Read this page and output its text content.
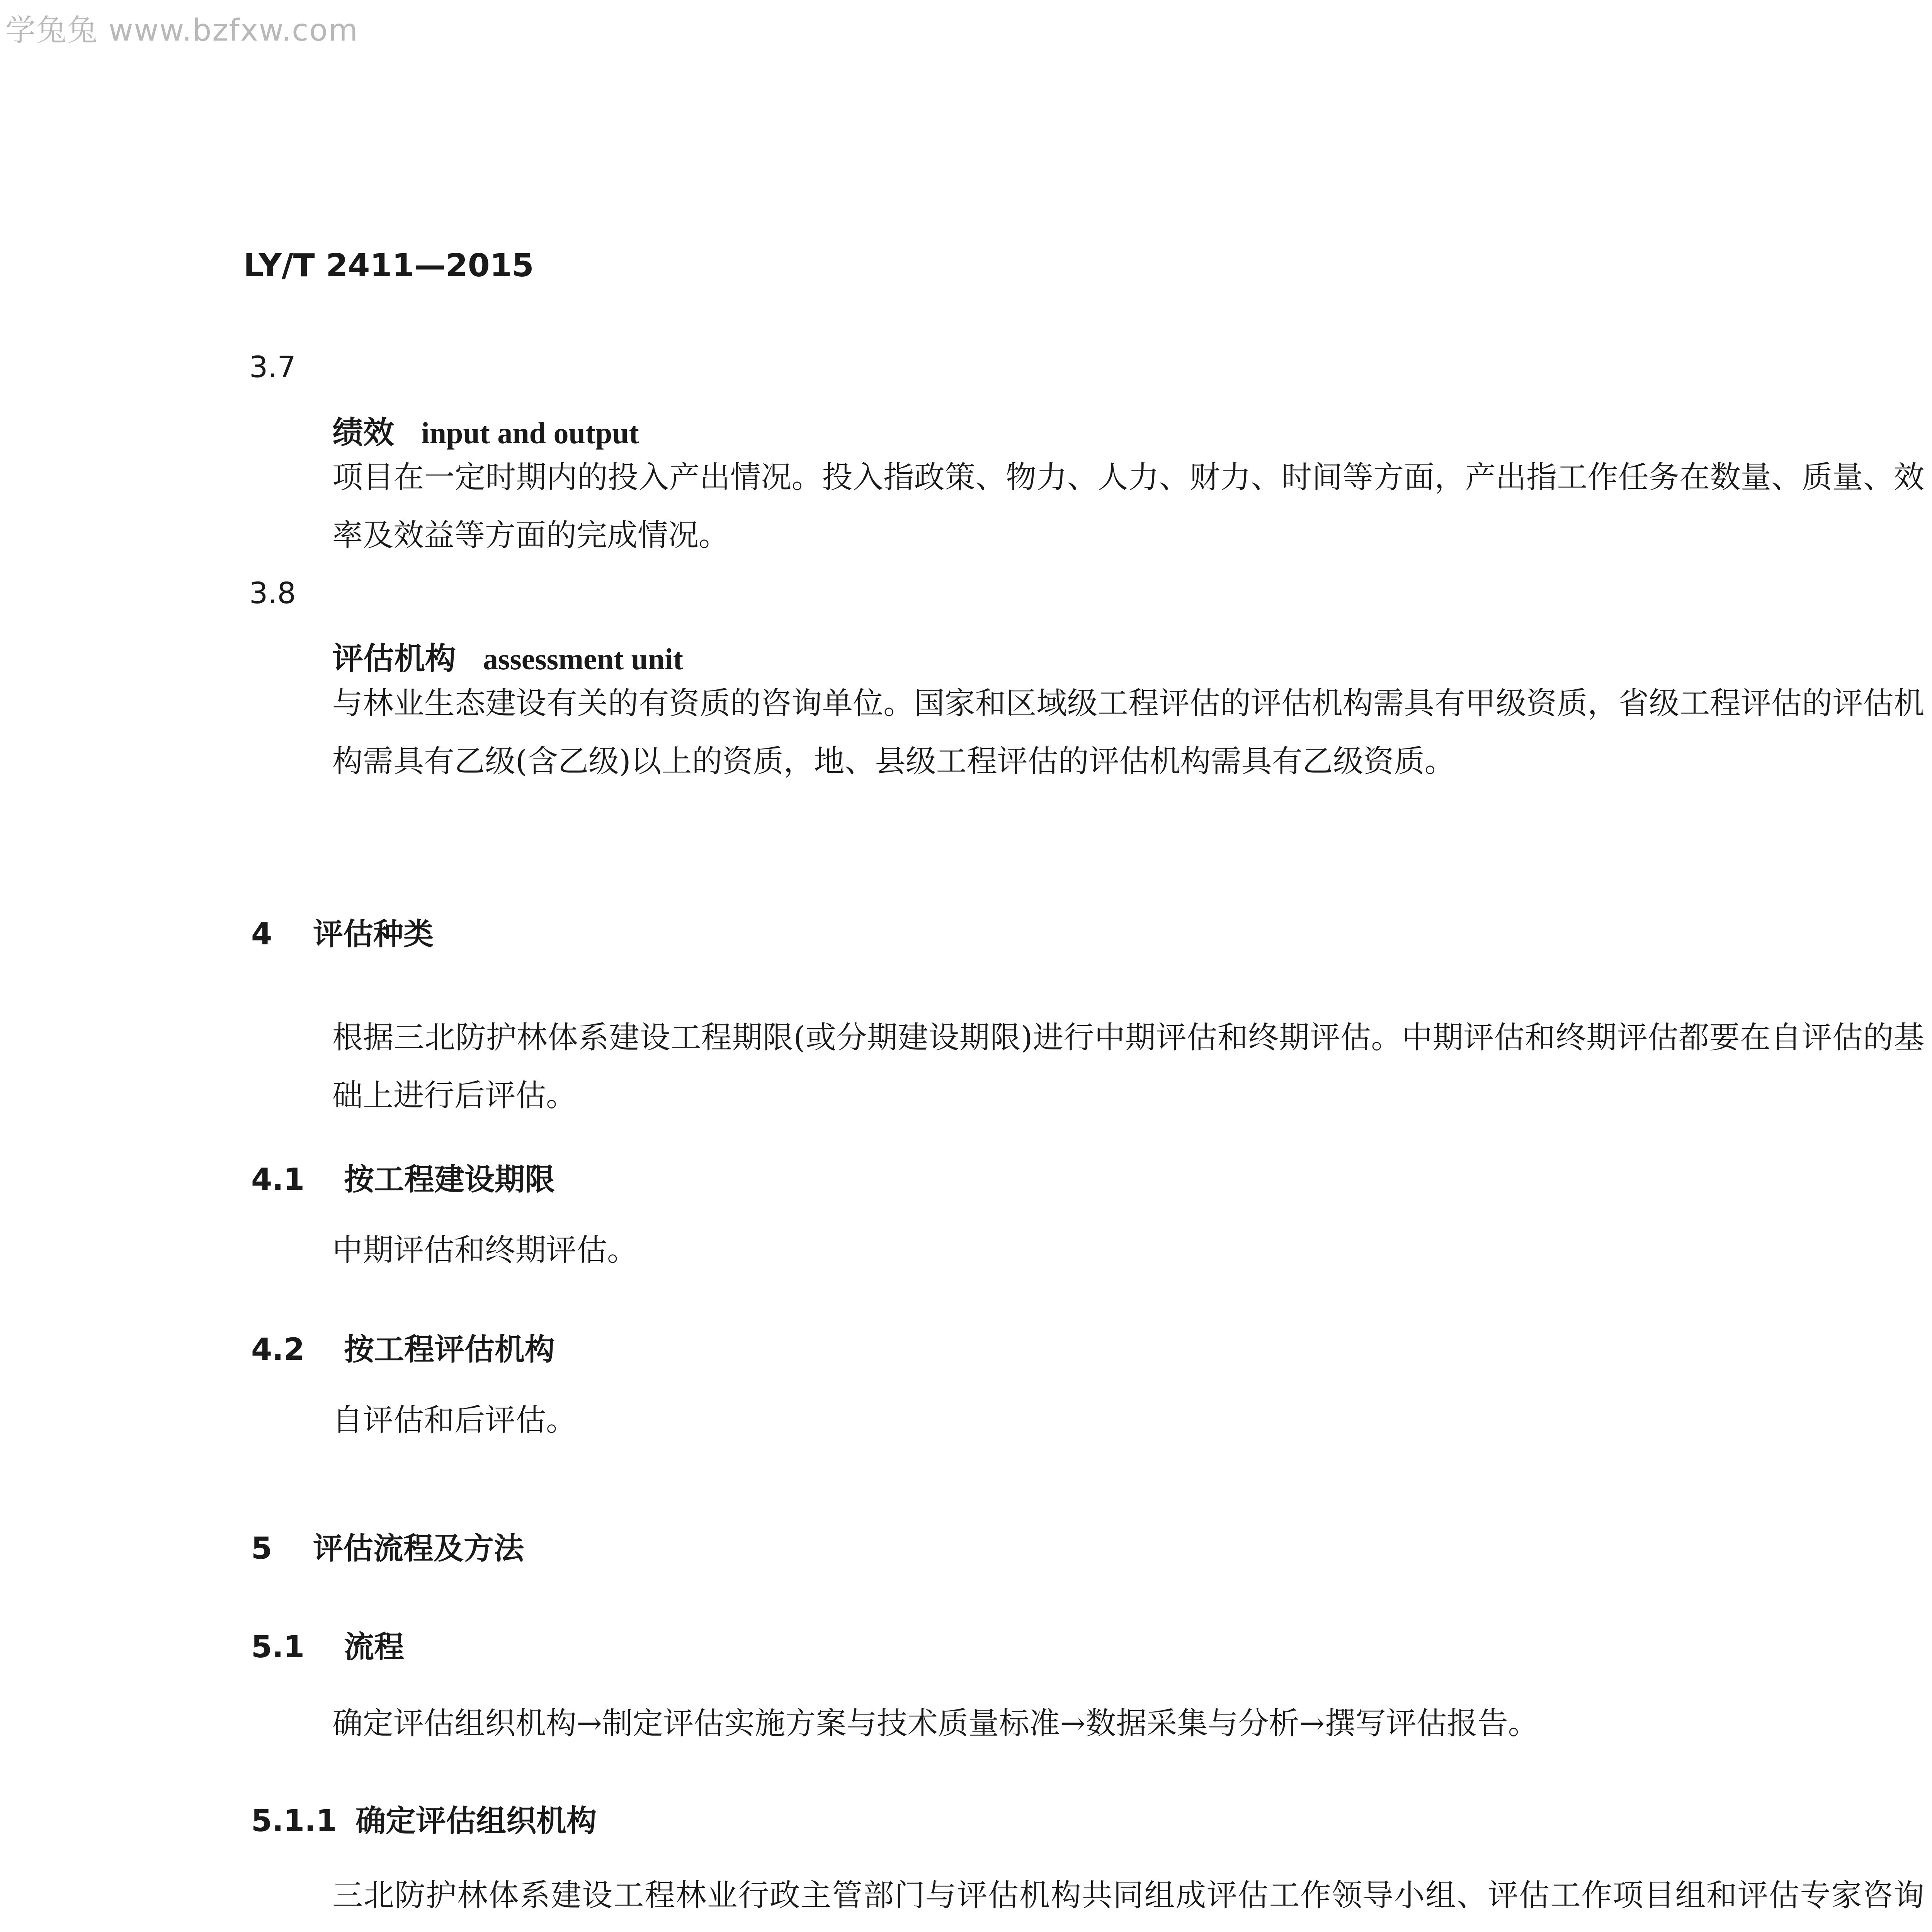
学兔兔 www.bzfxw.com
LY/T 2411—2015
3.7
绩效 input and output

项目在一定时期内的投入产出情况。投入指政策、物力、人力、财力、时间等方面，产出指工作任务在数量、质量、效率及效益等方面的完成情况。

3.8
评估机构 assessment unit

与林业生态建设有关的有资质的咨询单位。国家和区域级工程评估的评估机构需具有甲级资质，省级工程评估的评估机构需具有乙级(含乙级)以上的资质，地、县级工程评估的评估机构需具有乙级资质。

4 评估种类

根据三北防护林体系建设工程期限(或分期建设期限)进行中期评估和终期评估。中期评估和终期评估都要在自评估的基础上进行后评估。

4.1 按工程建设期限

中期评估和终期评估。

4.2 按工程评估机构

自评估和后评估。

5 评估流程及方法
5.1 流程

确定评估组织机构→制定评估实施方案与技术质量标准→数据采集与分析→撰写评估报告。

5.1.1 确定评估组织机构

三北防护林体系建设工程林业行政主管部门与评估机构共同组成评估工作领导小组、评估工作项目组和评估专家咨询
